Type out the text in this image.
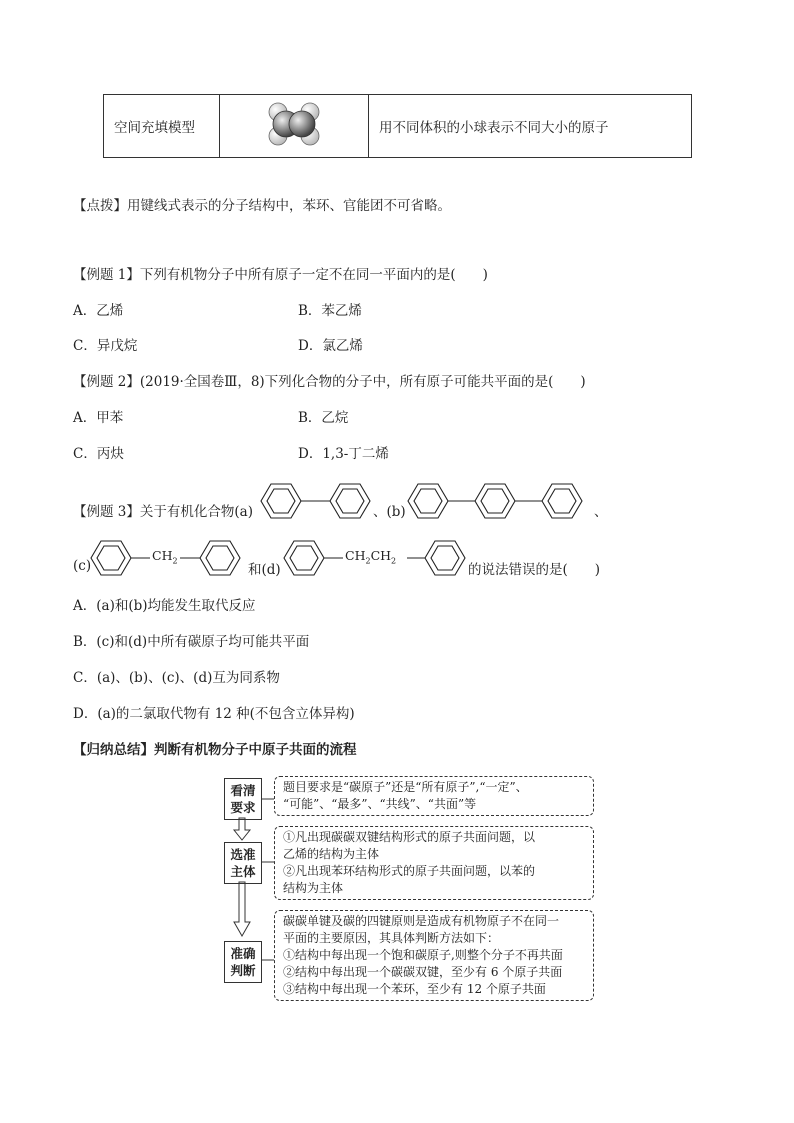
空间充填模型		用不同体积的小球表示不同大小的原子
【点拨】用键线式表示的分子结构中，苯环、官能团不可省略。
【例题 1】下列有机物分子中所有原子一定不在同一平面内的是(　　)
A．乙烯	B．苯乙烯
C．异戊烷	D．氯乙烯
【例题 2】(2019·全国卷Ⅲ，8)下列化合物的分子中，所有原子可能共平面的是(　　)
A．甲苯	B．乙烷
C．丙炔	D．1,3-丁二烯
【例题 3】关于有机化合物(a)	、(b)	、
(c)
$CH_2$
和(d)
$CH_2CH_2$
的说法错误的是(　　)
A．(a)和(b)均能发生取代反应
B．(c)和(d)中所有碳原子均可能共平面
C．(a)、(b)、(c)、(d)互为同系物
D．(a)的二氯取代物有 12 种(不包含立体异构)
【归纳总结】判断有机物分子中原子共面的流程
看清要求
选准主体
准确判断
题目要求是“碳原子”还是“所有原子”,“一定”、
“可能”、“最多”、“共线”、“共面”等
①凡出现碳碳双键结构形式的原子共面问题，以
乙烯的结构为主体
②凡出现苯环结构形式的原子共面问题，以苯的
结构为主体
碳碳单键及碳的四键原则是造成有机物原子不在同一
平面的主要原因，其具体判断方法如下：
①结构中每出现一个饱和碳原子,则整个分子不再共面
②结构中每出现一个碳碳双键，至少有 6 个原子共面
③结构中每出现一个苯环，至少有 12 个原子共面
